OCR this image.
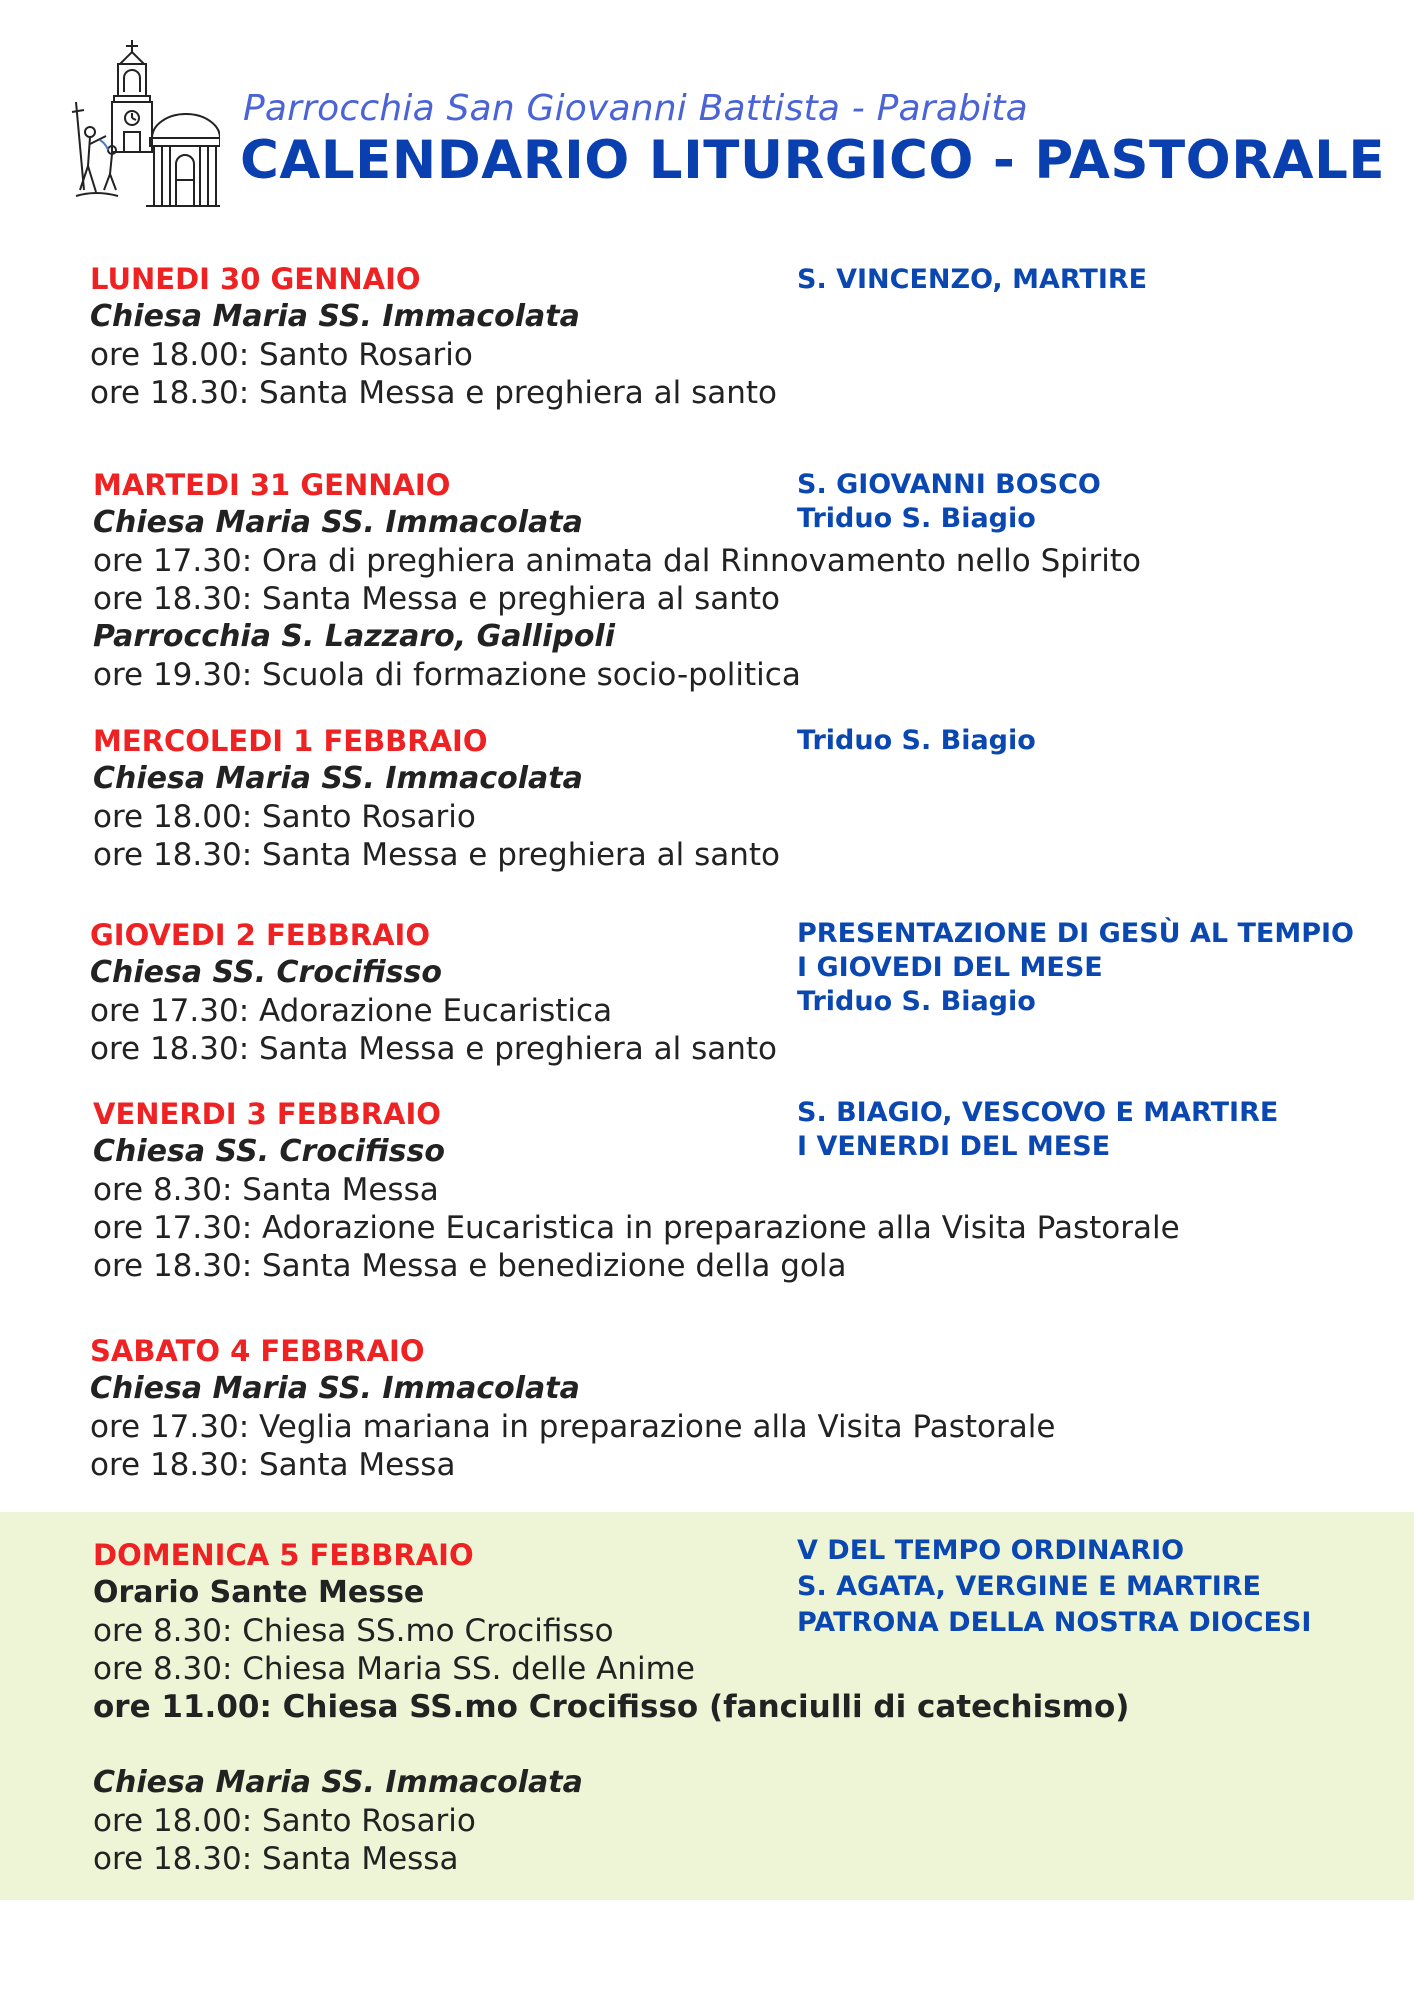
Parrocchia San Giovanni Battista - Parabita
CALENDARIO LITURGICO - PASTORALE
LUNEDI 30 GENNAIO
Chiesa Maria SS. Immacolata
ore 18.00: Santo Rosario
ore 18.30: Santa Messa e preghiera al santo
S. VINCENZO, MARTIRE
MARTEDI 31 GENNAIO
Chiesa Maria SS. Immacolata
ore 17.30: Ora di preghiera animata dal Rinnovamento nello Spirito
ore 18.30: Santa Messa e preghiera al santo
Parrocchia S. Lazzaro, Gallipoli
ore 19.30: Scuola di formazione socio-politica
S. GIOVANNI BOSCO
Triduo S. Biagio
MERCOLEDI 1 FEBBRAIO
Chiesa Maria SS. Immacolata
ore 18.00: Santo Rosario
ore 18.30: Santa Messa e preghiera al santo
Triduo S. Biagio
GIOVEDI 2 FEBBRAIO
Chiesa SS. Crocifisso
ore 17.30: Adorazione Eucaristica
ore 18.30: Santa Messa e preghiera al santo
PRESENTAZIONE DI GESÙ AL TEMPIO
I GIOVEDI DEL MESE
Triduo S. Biagio
VENERDI 3 FEBBRAIO
Chiesa SS. Crocifisso
ore 8.30: Santa Messa
ore 17.30: Adorazione Eucaristica in preparazione alla Visita Pastorale
ore 18.30: Santa Messa e benedizione della gola
S. BIAGIO, VESCOVO E MARTIRE
I VENERDI DEL MESE
SABATO 4 FEBBRAIO
Chiesa Maria SS. Immacolata
ore 17.30: Veglia mariana in preparazione alla Visita Pastorale
ore 18.30: Santa Messa
DOMENICA 5 FEBBRAIO
Orario Sante Messe
ore 8.30: Chiesa SS.mo Crocifisso
ore 8.30: Chiesa Maria SS. delle Anime
ore 11.00: Chiesa SS.mo Crocifisso (fanciulli di catechismo)
Chiesa Maria SS. Immacolata
ore 18.00: Santo Rosario
ore 18.30: Santa Messa
V DEL TEMPO ORDINARIO
S. AGATA, VERGINE E MARTIRE
PATRONA DELLA NOSTRA DIOCESI
